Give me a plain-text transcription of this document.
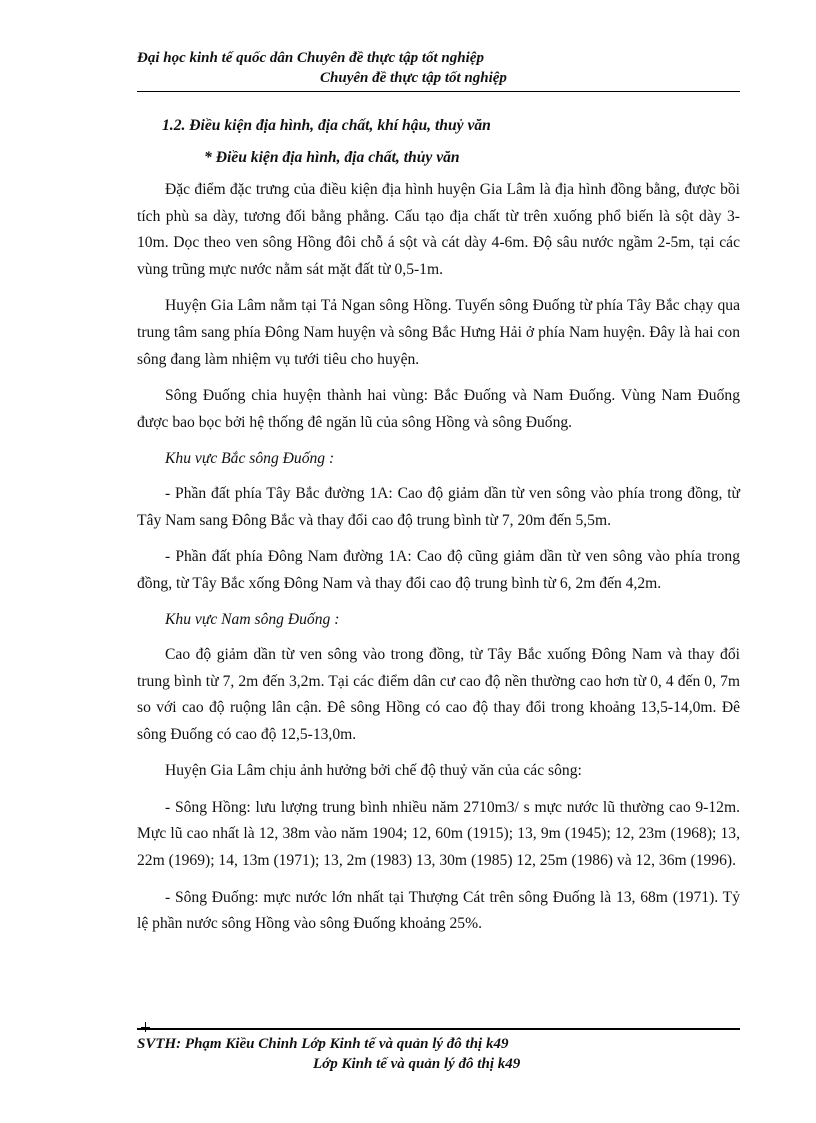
Đại học kinh tế quốc dân Chuyên đề thực tập tốt nghiệp
Chuyên đề thực tập tốt nghiệp
1.2. Điều kiện địa hình, địa chất, khí hậu, thuỷ văn
* Điều kiện địa hình, địa chất, thủy văn

Đặc điểm đặc trưng của điều kiện địa hình huyện Gia Lâm là địa hình đồng bằng, được bồi tích phù sa dày, tương đối bằng phẳng. Cấu tạo địa chất từ trên xuống phổ biến là sột dày 3-10m. Dọc theo ven sông Hồng đôi chỗ á sột và cát dày 4-6m. Độ sâu nước ngầm 2-5m, tại các vùng trũng mực nước nằm sát mặt đất từ 0,5-1m.

Huyện Gia Lâm nằm tại Tả Ngan sông Hồng. Tuyến sông Đuống từ phía Tây Bắc chạy qua trung tâm sang phía Đông Nam huyện và sông Bắc Hưng Hải ở phía Nam huyện. Đây là hai con sông đang làm nhiệm vụ tưới tiêu cho huyện.

Sông Đuống chia huyện thành hai vùng: Bắc Đuống và Nam Đuống. Vùng Nam Đuống được bao bọc bởi hệ thống đê ngăn lũ của sông Hồng và sông Đuống.

Khu vực Bắc sông Đuống :

- Phần đất phía Tây Bắc đường 1A: Cao độ giảm dần từ ven sông vào phía trong đồng, từ Tây Nam sang Đông Bắc và thay đổi cao độ trung bình từ 7, 20m đến 5,5m.

- Phần đất phía Đông Nam đường 1A: Cao độ cũng giảm dần từ ven sông vào phía trong đồng, từ Tây Bắc xống Đông Nam và thay đổi cao độ trung bình từ 6, 2m đến 4,2m.

Khu vực Nam sông Đuống :

Cao độ giảm dần từ ven sông vào trong đồng, từ Tây Bắc xuống Đông Nam và thay đổi trung bình từ 7, 2m đến 3,2m. Tại các điểm dân cư cao độ nền thường cao hơn từ 0, 4 đến 0, 7m so với cao độ ruộng lân cận. Đê sông Hồng có cao độ thay đổi trong khoảng 13,5-14,0m. Đê sông Đuống có cao độ 12,5-13,0m.

Huyện Gia Lâm chịu ảnh hưởng bởi chế độ thuỷ văn của các sông:

- Sông Hồng: lưu lượng trung bình nhiều năm 2710m3/ s mực nước lũ thường cao 9-12m. Mực lũ cao nhất là 12, 38m vào năm 1904; 12, 60m (1915); 13, 9m (1945); 12, 23m (1968); 13, 22m (1969); 14, 13m (1971); 13, 2m (1983) 13, 30m (1985) 12, 25m (1986) và 12, 36m (1996).

- Sông Đuống: mực nước lớn nhất tại Thượng Cát trên sông Đuống là 13, 68m (1971). Tỷ lệ phần nước sông Hồng vào sông Đuống khoảng 25%.

SVTH: Phạm Kiều Chinh Lớp Kinh tế và quản lý đô thị k49
Lớp Kinh tế và quản lý đô thị k49
